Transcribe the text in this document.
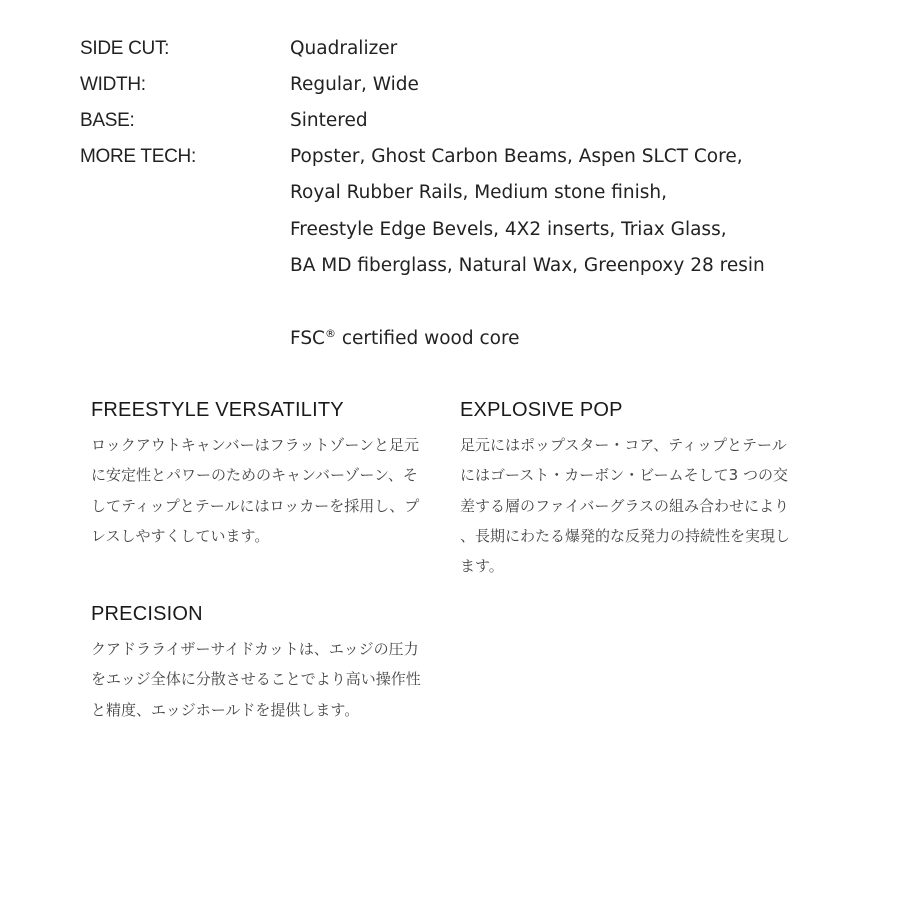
SIDE CUT:	Quadralizer
WIDTH:	Regular, Wide
BASE:	Sintered
MORE TECH:	Popster, Ghost Carbon Beams, Aspen SLCT Core,
Royal Rubber Rails, Medium stone finish,
Freestyle Edge Bevels, 4X2 inserts, Triax Glass,
BA MD fiberglass, Natural Wax, Greenpoxy 28 resin
FSC® certified wood core
FREESTYLE VERSATILITY
ロックアウトキャンバーはフラットゾーンと足元
に安定性とパワーのためのキャンバーゾーン、そ
してティップとテールにはロッカーを採用し、プ
レスしやすくしています。
EXPLOSIVE POP
足元にはポップスター・コア、ティップとテール
にはゴースト・カーボン・ビームそして3 つの交
差する層のファイバーグラスの組み合わせにより
、長期にわたる爆発的な反発力の持続性を実現し
ます。
PRECISION
クアドラライザーサイドカットは、エッジの圧力
をエッジ全体に分散させることでより高い操作性
と精度、エッジホールドを提供します。
